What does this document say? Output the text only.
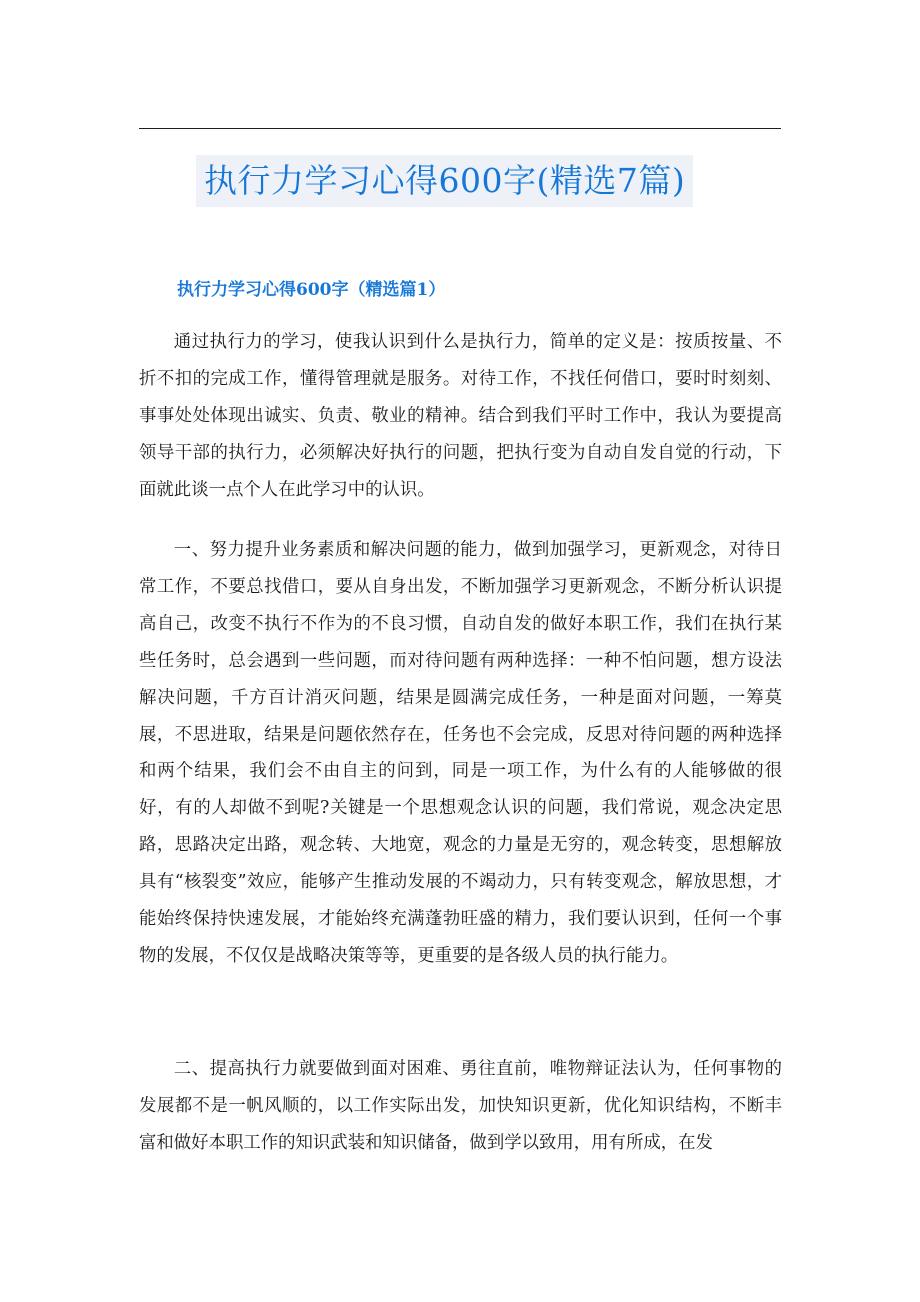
执行力学习心得600字(精选7篇)
执行力学习心得600字（精选篇1）

通过执行力的学习，使我认识到什么是执行力，简单的定义是：按质按量、不折不扣的完成工作，懂得管理就是服务。对待工作，不找任何借口，要时时刻刻、事事处处体现出诚实、负责、敬业的精神。结合到我们平时工作中，我认为要提高领导干部的执行力，必须解决好执行的问题，把执行变为自动自发自觉的行动，下面就此谈一点个人在此学习中的认识。

一、努力提升业务素质和解决问题的能力，做到加强学习，更新观念，对待日常工作，不要总找借口，要从自身出发，不断加强学习更新观念，不断分析认识提高自己，改变不执行不作为的不良习惯，自动自发的做好本职工作，我们在执行某些任务时，总会遇到一些问题，而对待问题有两种选择：一种不怕问题，想方设法解决问题，千方百计消灭问题，结果是圆满完成任务，一种是面对问题，一筹莫展，不思进取，结果是问题依然存在，任务也不会完成，反思对待问题的两种选择和两个结果，我们会不由自主的问到，同是一项工作，为什么有的人能够做的很好，有的人却做不到呢?关键是一个思想观念认识的问题，我们常说，观念决定思路，思路决定出路，观念转、大地宽，观念的力量是无穷的，观念转变，思想解放具有“核裂变”效应，能够产生推动发展的不竭动力，只有转变观念，解放思想，才能始终保持快速发展，才能始终充满蓬勃旺盛的精力，我们要认识到，任何一个事物的发展，不仅仅是战略决策等等，更重要的是各级人员的执行能力。

二、提高执行力就要做到面对困难、勇往直前，唯物辩证法认为，任何事物的发展都不是一帆风顺的，以工作实际出发，加快知识更新，优化知识结构，不断丰富和做好本职工作的知识武装和知识储备，做到学以致用，用有所成，在发
